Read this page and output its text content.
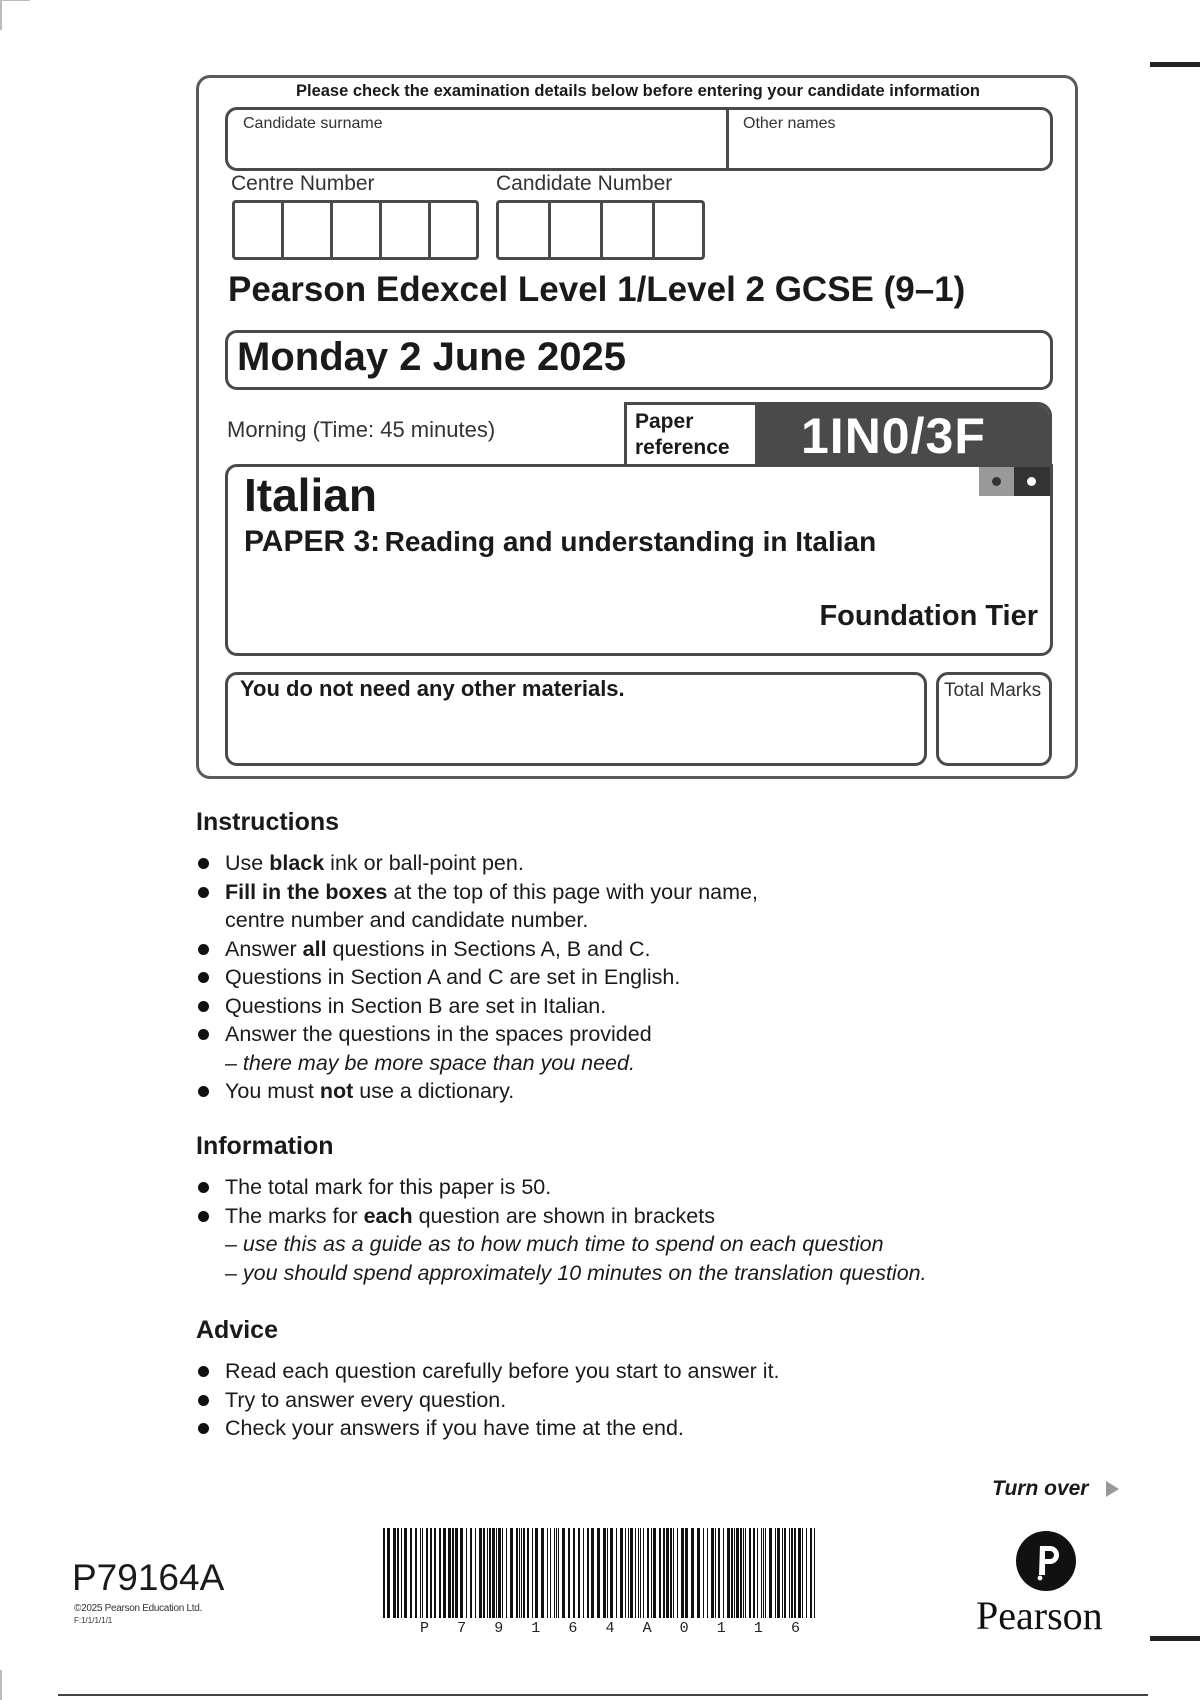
Please check the examination details below before entering your candidate information
Candidate surname	Other names
Centre Number	Candidate Number
Pearson Edexcel Level 1/Level 2 GCSE (9–1)
Monday 2 June 2025
Morning (Time: 45 minutes)	Paper
reference	1IN0/3F
Italian
PAPER 3: Reading and understanding in Italian
Foundation Tier
You do not need any other materials.	Total Marks
Instructions
Use black ink or ball-point pen.
Fill in the boxes at the top of this page with your name,
centre number and candidate number.
Answer all questions in Sections A, B and C.
Questions in Section A and C are set in English.
Questions in Section B are set in Italian.
Answer the questions in the spaces provided
– there may be more space than you need.
You must not use a dictionary.
Information
The total mark for this paper is 50.
The marks for each question are shown in brackets
– use this as a guide as to how much time to spend on each question
– you should spend approximately 10 minutes on the translation question.
Advice
Read each question carefully before you start to answer it.
Try to answer every question.
Check your answers if you have time at the end.
Turn over
P79164A
©2025 Pearson Education Ltd.
F:1/1/1/1/1	P 7 9 1 6 4 A 0 1 1 6	Pearson
